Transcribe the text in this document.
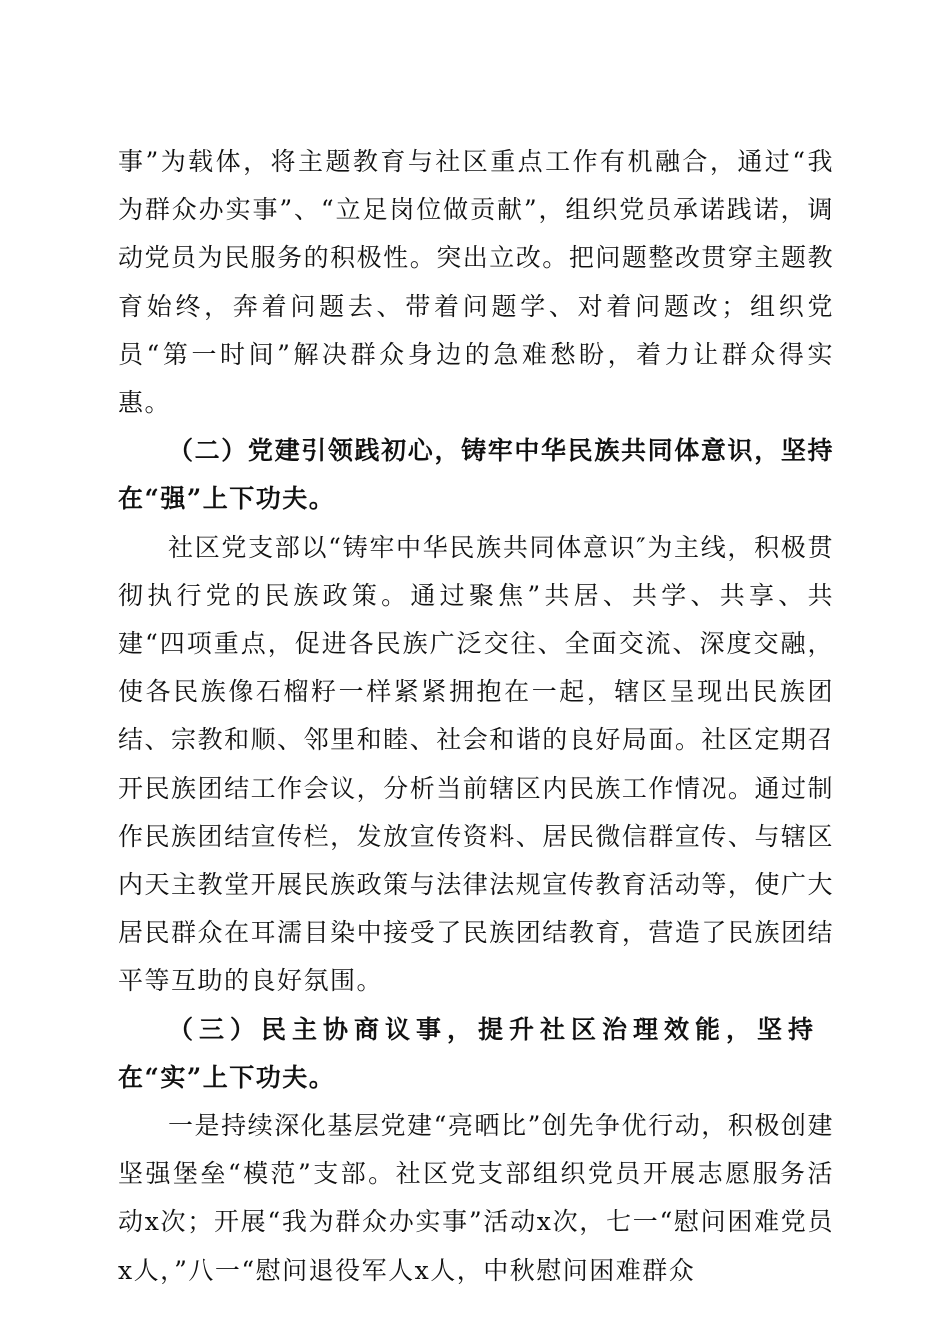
事”为载体，将主题教育与社区重点工作有机融合，通过“我为群众办实事”、“立足岗位做贡献”，组织党员承诺践诺，调动党员为民服务的积极性。突出立改。把问题整改贯穿主题教育始终，奔着问题去、带着问题学、对着问题改；组织党员“第一时间”解决群众身边的急难愁盼，着力让群众得实惠。

（二）党建引领践初心，铸牢中华民族共同体意识，坚持在“强”上下功夫。

社区党支部以“铸牢中华民族共同体意识″为主线，积极贯彻执行党的民族政策。通过聚焦”共居、共学、共享、共建“四项重点，促进各民族广泛交往、全面交流、深度交融，使各民族像石榴籽一样紧紧拥抱在一起，辖区呈现出民族团结、宗教和顺、邻里和睦、社会和谐的良好局面。社区定期召开民族团结工作会议，分析当前辖区内民族工作情况。通过制作民族团结宣传栏，发放宣传资料、居民微信群宣传、与辖区内天主教堂开展民族政策与法律法规宣传教育活动等，使广大居民群众在耳濡目染中接受了民族团结教育，营造了民族团结平等互助的良好氛围。

（三）民主协商议事，提升社区治理效能，坚持
在“实”上下功夫。

一是持续深化基层党建“亮晒比”创先争优行动，积极创建坚强堡垒“模范”支部。社区党支部组织党员开展志愿服务活动x次；开展“我为群众办实事”活动x次，七一“慰问困难党员x人，”八一“慰问退役军人x人，中秋慰问困难群众
